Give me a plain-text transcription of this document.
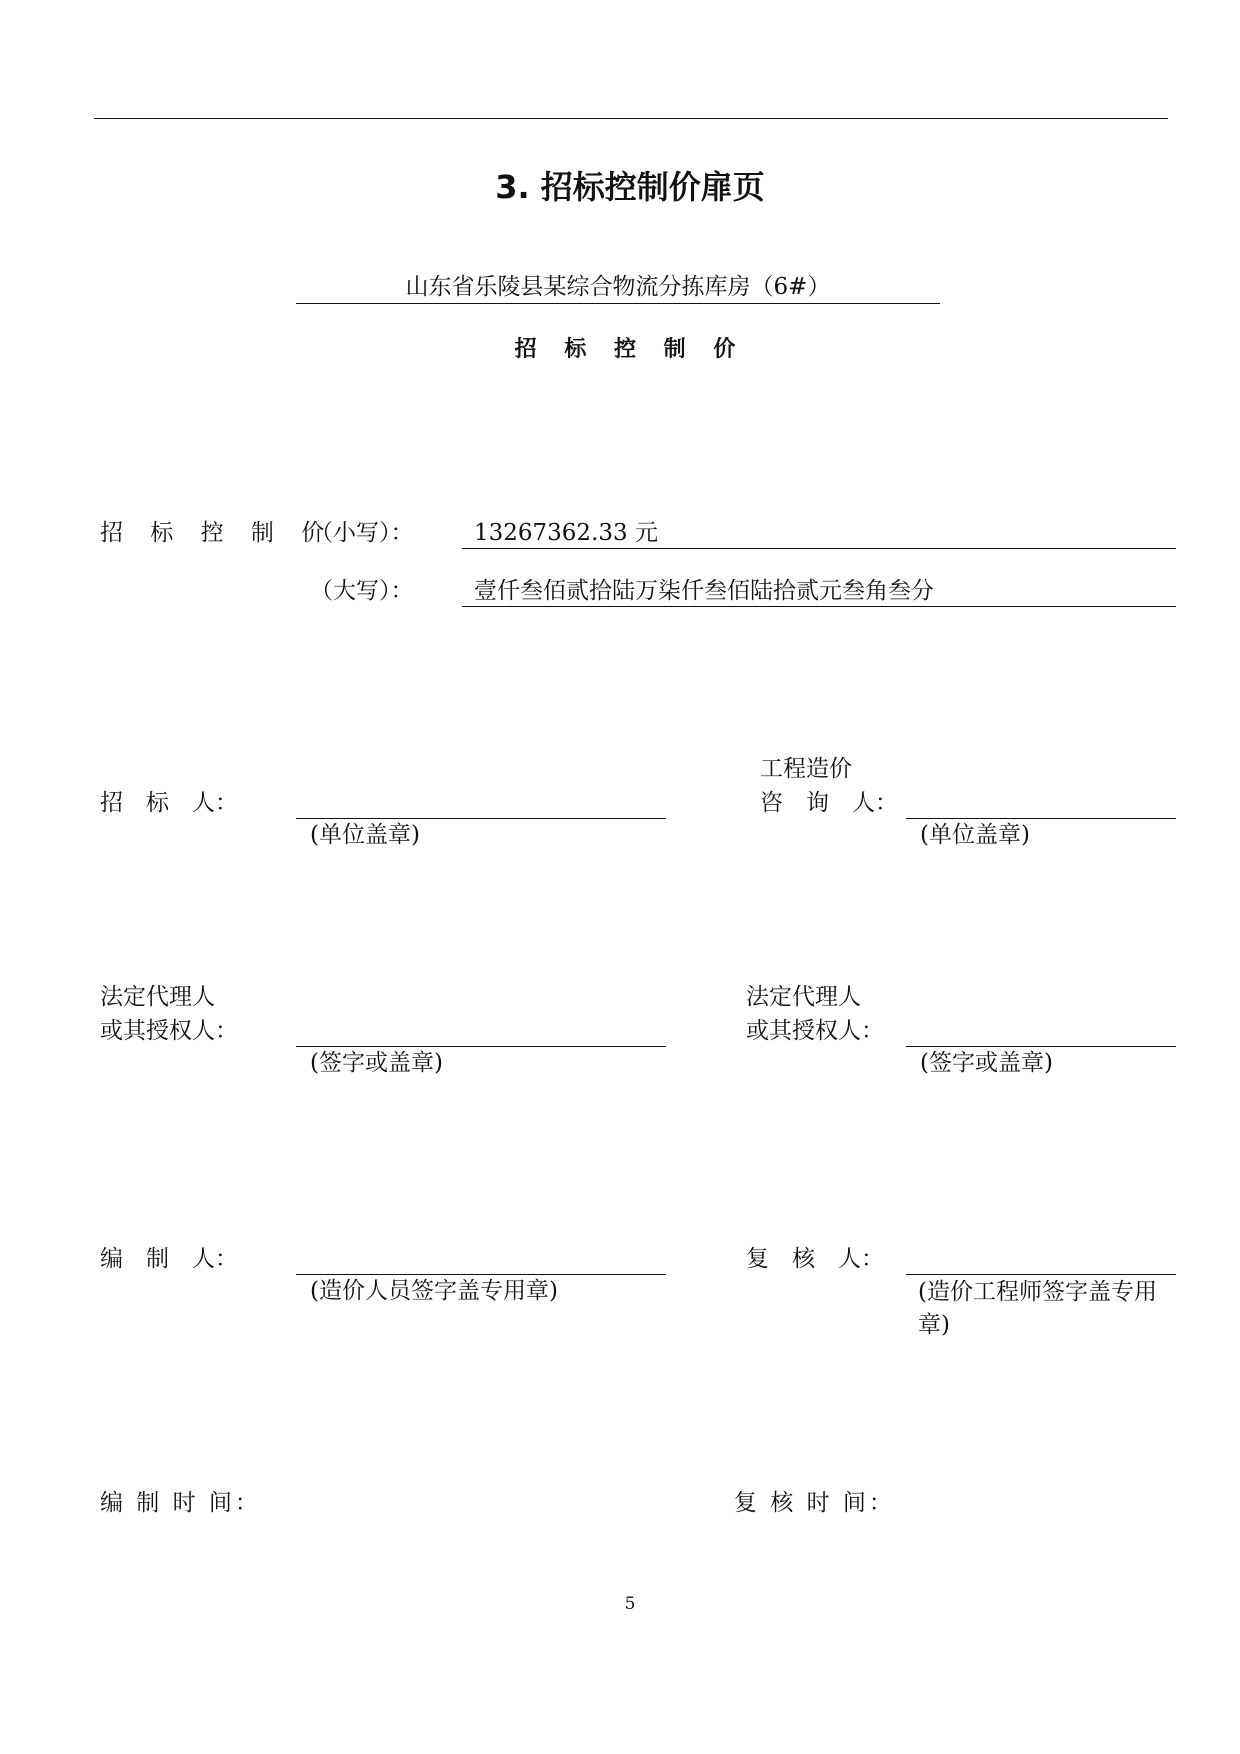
3. 招标控制价扉页
山东省乐陵县某综合物流分拣库房（6#）
招 标 控 制 价
招 标 控 制 价
（小写）：	13267362.33 元
（大写）：	壹仟叁佰贰拾陆万柒仟叁佰陆拾贰元叁角叁分
招　标　人：
(单位盖章)
工程造价
咨　询　人：
(单位盖章)
法定代理人
或其授权人：
(签字或盖章)
法定代理人
或其授权人：
(签字或盖章)
编　制　人：
(造价人员签字盖专用章)
复　核　人：
(造价工程师签字盖专用章)
编 制 时 间：	复 核 时 间：
5
